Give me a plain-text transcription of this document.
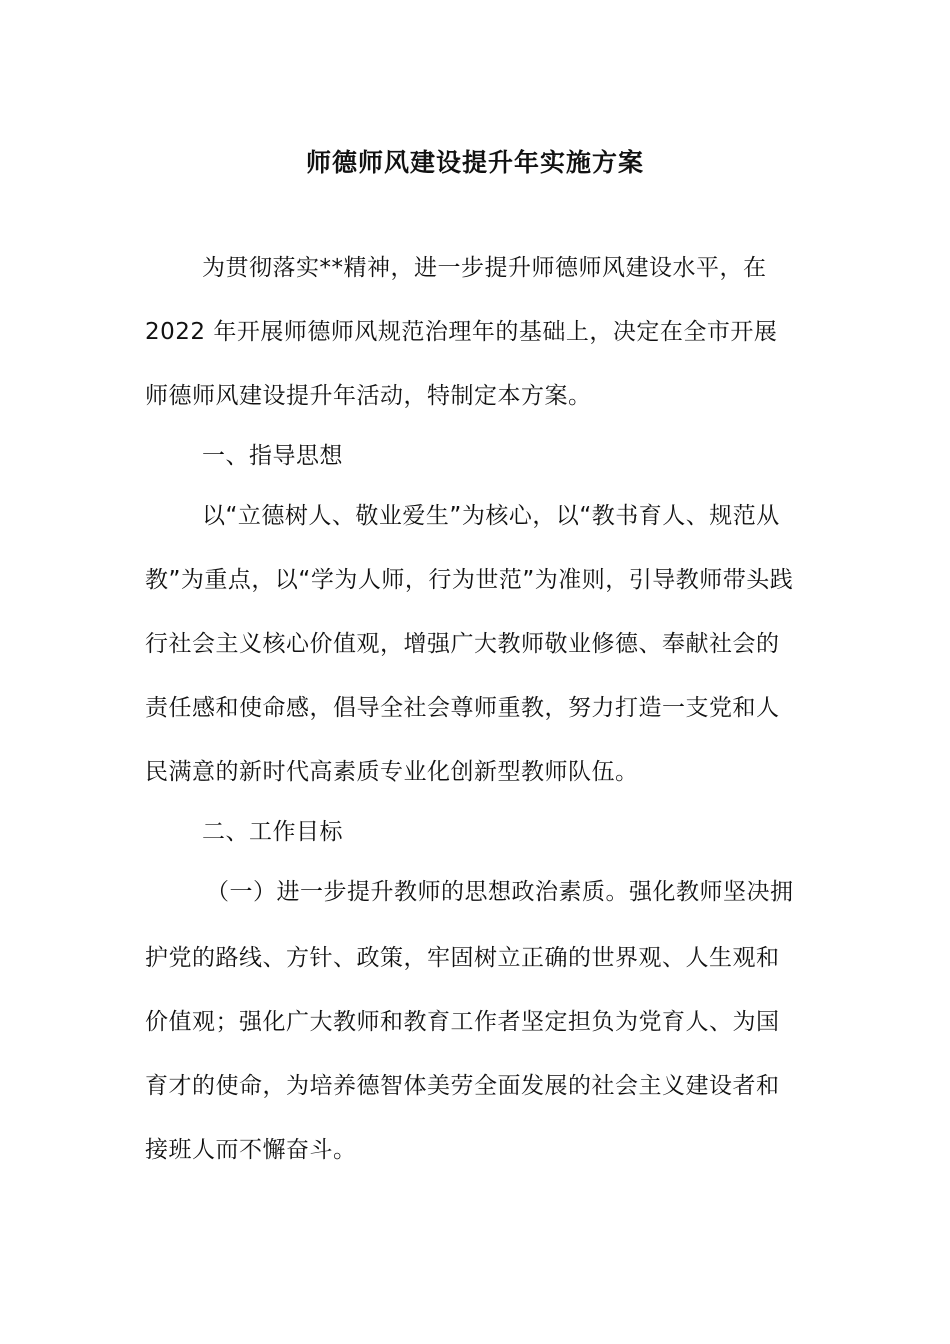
师德师风建设提升年实施方案
为贯彻落实**精神，进一步提升师德师风建设水平，在
2022 年开展师德师风规范治理年的基础上，决定在全市开展
师德师风建设提升年活动，特制定本方案。
一、指导思想
以“立德树人、敬业爱生”为核心，以“教书育人、规范从
教”为重点，以“学为人师，行为世范”为准则，引导教师带头践
行社会主义核心价值观，增强广大教师敬业修德、奉献社会的
责任感和使命感，倡导全社会尊师重教，努力打造一支党和人
民满意的新时代高素质专业化创新型教师队伍。
二、工作目标
（一）进一步提升教师的思想政治素质。强化教师坚决拥
护党的路线、方针、政策，牢固树立正确的世界观、人生观和
价值观；强化广大教师和教育工作者坚定担负为党育人、为国
育才的使命，为培养德智体美劳全面发展的社会主义建设者和
接班人而不懈奋斗。
